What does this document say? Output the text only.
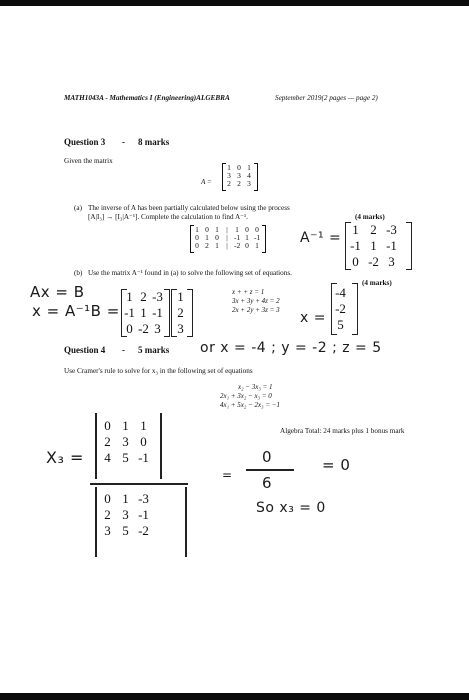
MATH1043A - Mathematics I (Engineering)ALGEBRA	September 2019(2 pages — page 2)
Question 3 - 8 marks
Given the matrix
A =
1 0 1
3 3 4
2 2 3
(a) The inverse of A has been partially calculated below using the process
[A|I₃] → [I₃|A⁻¹]. Complete the calculation to find A⁻¹.	(4 marks)
1 0 1 | 1 0 0
0 1 0 | -1 1 -1
0 2 1 | -2 0 1	A⁻¹ =
1 2 -3
-1 1 -1
0 -2 3
(b) Use the matrix A⁻¹ found in (a) to solve the following set of equations.
(4 marks)
Ax = B
x = A⁻¹B =
1 2 -3
-1 1 -1
0 -2 3
1
2
3
x + + z = 1
3x + 3y + 4z = 2
2x + 2y + 3z = 3 x =
-4
-2
5
Question 4 - 5 marks or x = -4 ; y = -2 ; z = 5
Use Cramer's rule to solve for x₃ in the following set of equations
x₂ − 3x₃ = 1
2x₁ + 3x₂ − x₃ = 0
4x₁ + 5x₂ − 2x₃ = −1
X₃ =
0 1 1
2 3 0
4 5 -1
0 1 -3
2 3 -1
3 5 -2
Algebra Total: 24 marks plus 1 bonus mark
=
0
6
= 0
So x₃ = 0
